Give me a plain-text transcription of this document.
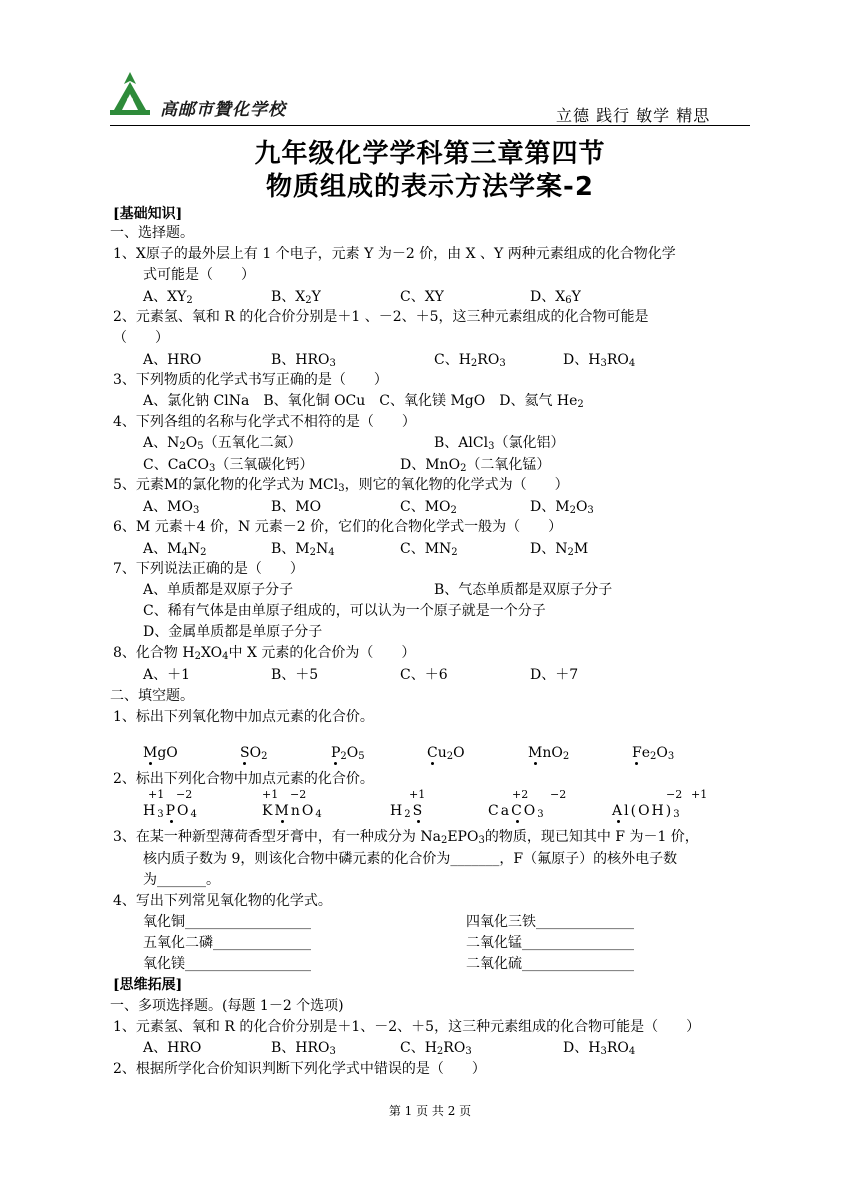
高邮市贊化学校	立德 践行 敏学 精思
九年级化学学科第三章第四节
物质组成的表示方法学案-2
[基础知识]
一、选择题。
1、X原子的最外层上有 1 个电子，元素 Y 为－2 价，由 X 、Y 两种元素组成的化合物化学
式可能是（　　）
A、$XY_2$	B、$X_2Y$	C、XY	D、$X_6Y$
2、元素氢、氧和 R 的化合价分别是＋1 、－2、＋5，这三种元素组成的化合物可能是
（　　）
A、HRO	B、$HRO_3$	C、$H_2RO_3$	D、$H_3RO_4$
3、下列物质的化学式书写正确的是（　　）
A、氯化钠 ClNa　B、氧化铜 OCu　C、氧化镁 MgO　D、氦气 $He_2$
4、下列各组的名称与化学式不相符的是（　　）
A、$N_2O_5$（五氧化二氮）	B、AlCl$_3$（氯化铝）
C、CaCO$_3$（三氧碳化钙）	D、MnO$_2$（二氧化锰）
5、元素M的氯化物的化学式为 MCl$_3$，则它的氧化物的化学式为（　　）
A、$MO_3$	B、MO	C、$MO_2$	D、$M_2O_3$
6、M 元素＋4 价，N 元素－2 价，它们的化合物化学式一般为（　　）
A、$M_4N_2$	B、$M_2N_4$	C、$MN_2$	D、$N_2M$
7、下列说法正确的是（　　）
A、单质都是双原子分子	B、气态单质都是双原子分子
C、稀有气体是由单原子组成的，可以认为一个原子就是一个分子
D、金属单质都是单原子分子
8、化合物 $H_2XO_4$中 X 元素的化合价为（　　）
A、＋1	B、＋5	C、＋6	D、＋7
二、填空题。
1、标出下列氧化物中加点元素的化合价。
MgO	$SO_2$	$P_2O_5$	$Cu_2O$	MnO$_2$	$Fe_2O_3$
2、标出下列化合物中加点元素的化合价。
+1 −2	+1 −2	+1	+2 −2	−2 +1
$H_3PO_4$	KMnO$_4$	$H_2S$	CaCO$_3$	$Al(OH)_3$
3、在某一种新型薄荷香型牙膏中，有一种成分为 $Na_2EPO_3$的物质，现已知其中 F 为－1 价，
核内质子数为 9，则该化合物中磷元素的化合价为_______，F（氟原子）的核外电子数
为_______。
4、写出下列常见氧化物的化学式。
氧化铜__________________	四氧化三铁______________
五氧化二磷______________	二氧化锰________________
氧化镁__________________	二氧化硫________________
[思维拓展]
一、多项选择题。(每题 1－2 个选项)
1、元素氢、氧和 R 的化合价分别是＋1、－2、＋5，这三种元素组成的化合物可能是（　　）
A、HRO	B、$HRO_3$	C、$H_2RO_3$	D、$H_3RO_4$
2、根据所学化合价知识判断下列化学式中错误的是（　　）
第 1 页 共 2 页
